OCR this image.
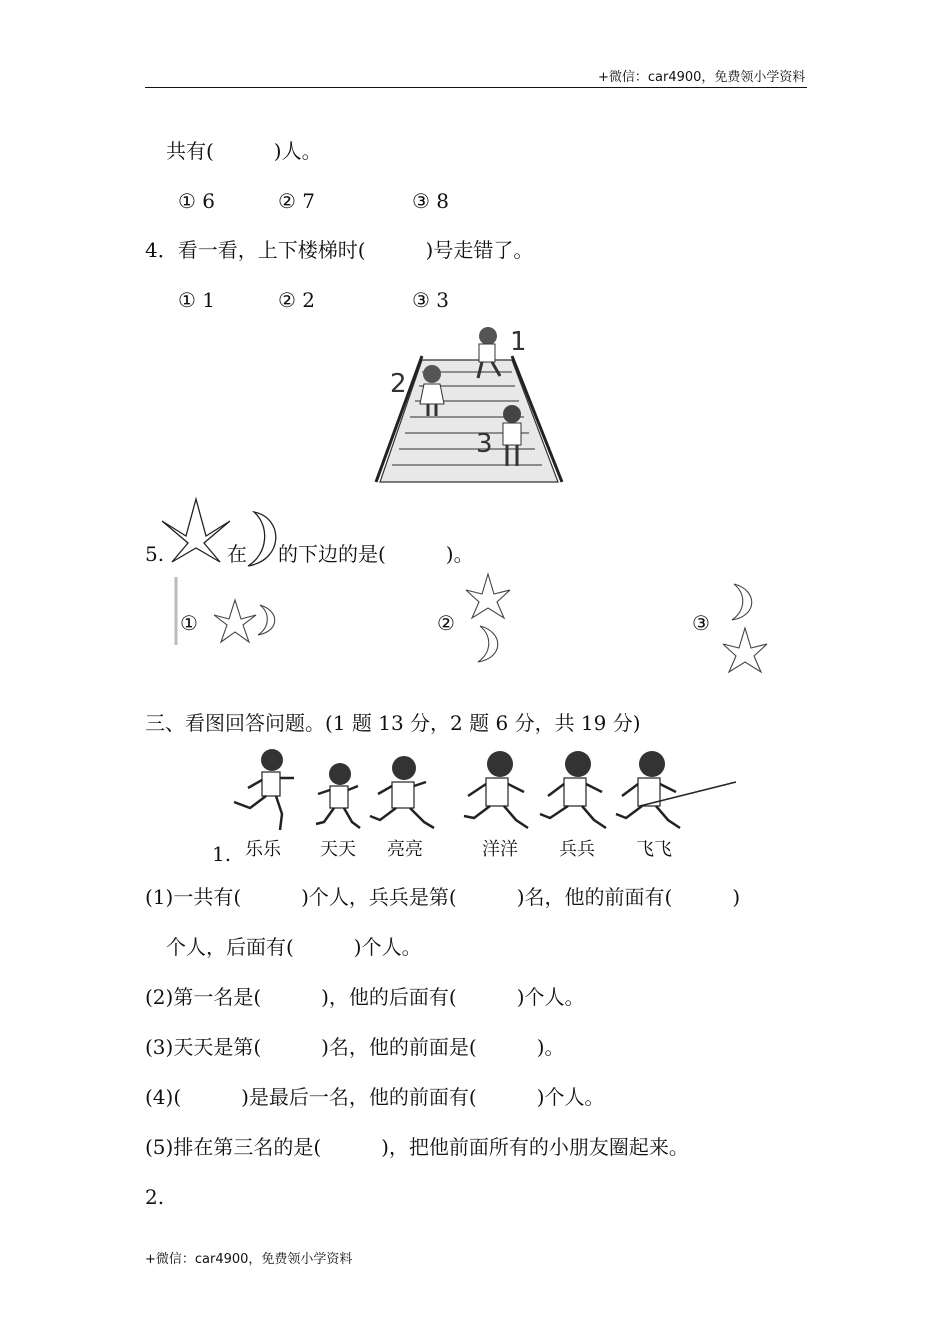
+微信：car4900，免费领小学资料
共有(　　　)人。
① 6	② 7	③ 8
4．看一看，上下楼梯时(　　　)号走错了。
① 1	② 2	③ 3
1
2
3
5.	在 的下边的是(　　　)。
①	②	③
三、看图回答问题。(1 题 13 分，2 题 6 分，共 19 分)
1. 乐乐 天天 亮亮	洋洋 兵兵 飞飞
(1)一共有(　　　)个人，兵兵是第(　　　)名，他的前面有(　　　)
个人，后面有(　　　)个人。
(2)第一名是(　　　)，他的后面有(　　　)个人。
(3)天天是第(　　　)名，他的前面是(　　　)。
(4)(　　　)是最后一名，他的前面有(　　　)个人。
(5)排在第三名的是(　　　)，把他前面所有的小朋友圈起来。
2.
+微信：car4900，免费领小学资料
